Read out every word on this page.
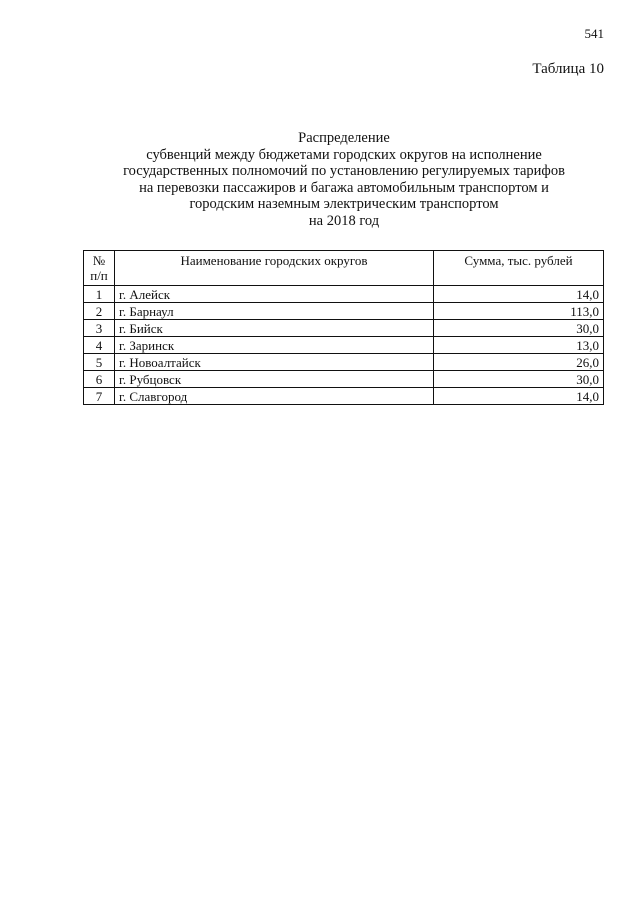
541
Таблица 10
Распределение
субвенций между бюджетами городских округов на исполнение
государственных полномочий по установлению регулируемых тарифов
на перевозки пассажиров и багажа автомобильным транспортом и
городским наземным электрическим транспортом
на 2018 год
№
п/п	Наименование городских округов	Сумма, тыс. рублей
1	г. Алейск	14,0
2	г. Барнаул	113,0
3	г. Бийск	30,0
4	г. Заринск	13,0
5	г. Новоалтайск	26,0
6	г. Рубцовск	30,0
7	г. Славгород	14,0
